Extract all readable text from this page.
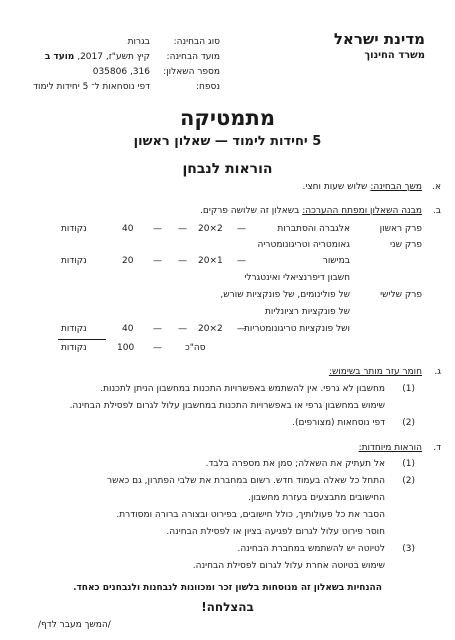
מדינת ישראל
משרד החינוך
סוג הבחינה:
מועד הבחינה:
מספר השאלון:
נספח:
בגרות
קיץ תשע"ז, 2017, מועד ב
035806 ,316
דפי נוסחאות ל־ 5 יחידות לימוד
מתמטיקה
5 יחידות לימוד — שאלון ראשון
הוראות לנבחן
א.
משך הבחינה: שלוש שעות וחצי.
ב.
מבנה השאלון ומפתח ההערכה: בשאלון זה שלושה פרקים.
פרק ראשון
פרק שני
פרק שלישי
אלגברה והסתברות
גאומטריה וטריגונומטריה
במישור
חשבון דיפרנציאלי ואינטגרלי
של פולינומים, של פונקציות שורש,
של פונקציות רציונליות
ושל פונקציות טריגונומטריות
—
20×2
—
—
40
נקודות
—
20×1
—
—
20
נקודות
—
20×2
—
—
40
נקודות
סה"כ
—
100
נקודות
ג.
חומר עזר מותר בשימוש:
(1)
מחשבון לא גרפי. אין להשתמש באפשרויות התכנות במחשבון הניתן לתכנות.
שימוש במחשבון גרפי או באפשרויות התכנות במחשבון עלול לגרום לפסילת הבחינה.
(2)
דפי נוסחאות (מצורפים).
ד.
הוראות מיוחדות:
(1)
אל תעתיק את השאלה; סמן את מספרה בלבד.
(2)
התחל כל שאלה בעמוד חדש. רשום במחברת את שלבי הפתרון, גם כאשר
החישובים מתבצעים בעזרת מחשבון.
הסבר את כל פעולותיך, כולל חישובים, בפירוט ובצורה ברורה ומסודרת.
חוסר פירוט עלול לגרום לפגיעה בציון או לפסילת הבחינה.
(3)
לטיוטה יש להשתמש במחברת הבחינה.
שימוש בטיוטה אחרת עלול לגרום לפסילת הבחינה.
ההנחיות בשאלון זה מנוסחות בלשון זכר ומכוונות לנבחנות ולנבחנים כאחד.
בהצלחה!
/המשך מעבר לדף/
